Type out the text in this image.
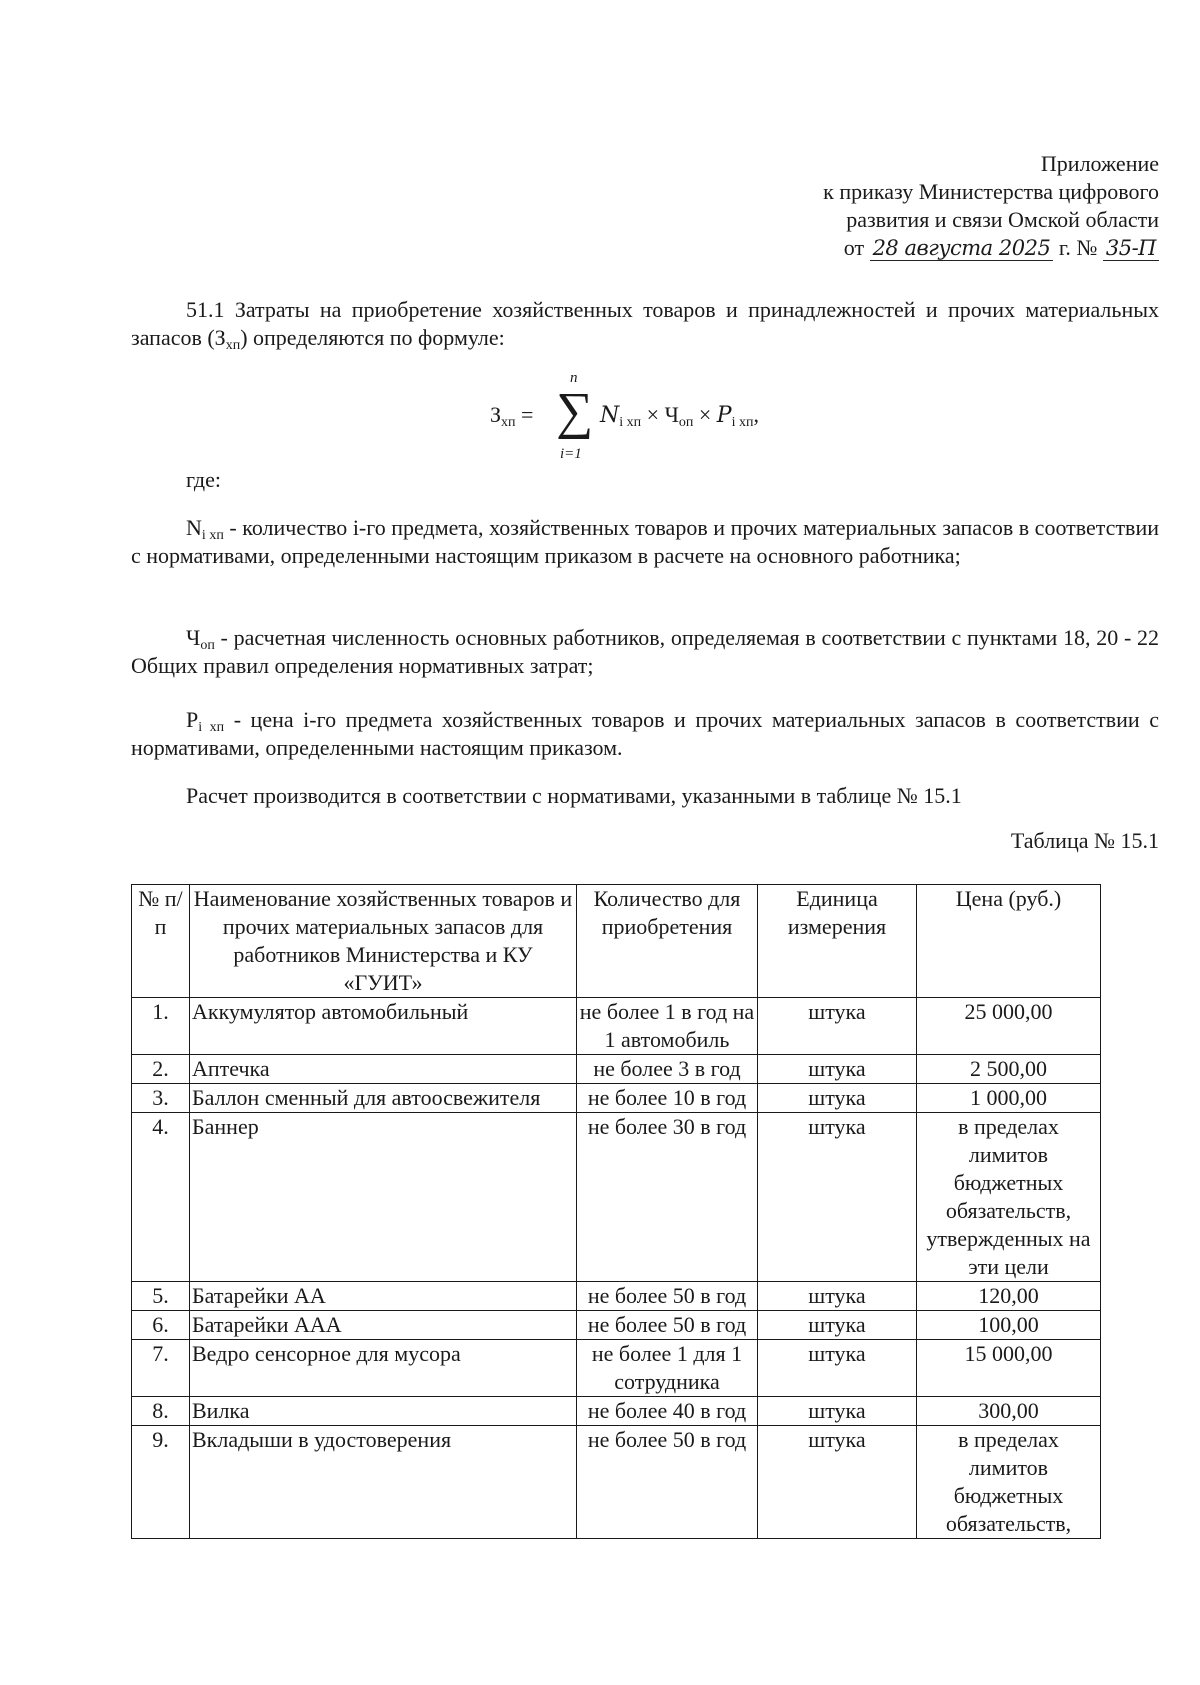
Приложение
к приказу Министерства цифрового
развития и связи Омской области
от 28 августа 2025 г. № 35-П
51.1 Затраты на приобретение хозяйственных товаров и принадлежностей и прочих материальных запасов $(З_{хп})$ определяются по формуле:
$З_{хп}$ =
n
∑
i=1
$N_{i хп} \times Ч_{оп} \times P_{i хп}$,
где:
$N_{i хп}$ - количество i-го предмета, хозяйственных товаров и прочих материальных запасов в соответствии с нормативами, определенными настоящим приказом в расчете на основного работника;
$Ч_{оп}$ - расчетная численность основных работников, определяемая в соответствии с пунктами 18, 20 - 22 Общих правил определения нормативных затрат;
$P_{i хп}$ - цена i-го предмета хозяйственных товаров и прочих материальных запасов в соответствии с нормативами, определенными настоящим приказом.
Расчет производится в соответствии с нормативами, указанными в таблице № 15.1
Таблица № 15.1
№ п/п	Наименование хозяйственных товаров и прочих материальных запасов для работников Министерства и КУ «ГУИТ»	Количество для приобретения	Единица измерения	Цена (руб.)
1.	Аккумулятор автомобильный	не более 1 в год на 1 автомобиль	штука	25 000,00
2.	Аптечка	не более 3 в год	штука	2 500,00
3.	Баллон сменный для автоосвежителя	не более 10 в год	штука	1 000,00
4.	Баннер	не более 30 в год	штука	в пределах лимитов бюджетных обязательств, утвержденных на эти цели
5.	Батарейки АА	не более 50 в год	штука	120,00
6.	Батарейки ААА	не более 50 в год	штука	100,00
7.	Ведро сенсорное для мусора	не более 1 для 1 сотрудника	штука	15 000,00
8.	Вилка	не более 40 в год	штука	300,00
9.	Вкладыши в удостоверения	не более 50 в год	штука	в пределах лимитов бюджетных обязательств,
